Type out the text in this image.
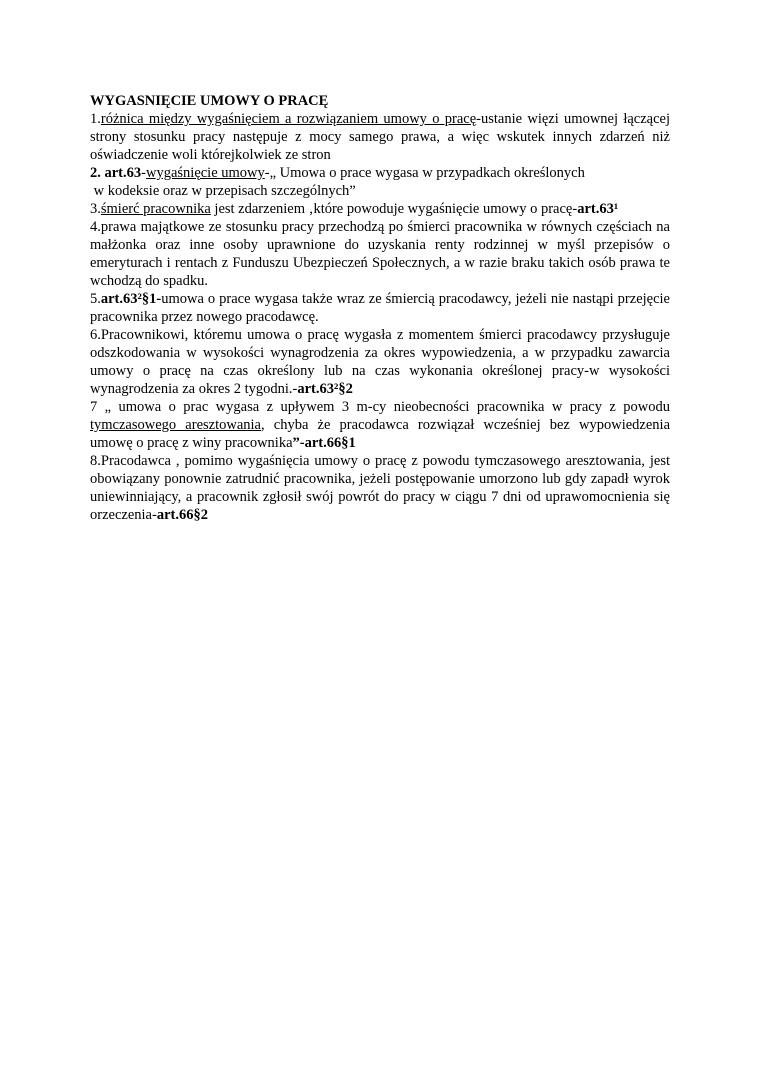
WYGASNIĘCIE UMOWY O PRACĘ

1.różnica między wygaśnięciem a rozwiązaniem umowy o pracę-ustanie więzi umownej łączącej strony stosunku pracy następuje z mocy samego prawa, a więc wskutek innych zdarzeń niż oświadczenie woli którejkolwiek ze stron

2. art.63-wygaśnięcie umowy-„ Umowa o prace wygasa w przypadkach określonych
w kodeksie oraz w przepisach szczególnych”

3.śmierć pracownika jest zdarzeniem ‚które powoduje wygaśnięcie umowy o pracę-art.63¹

4.prawa majątkowe ze stosunku pracy przechodzą po śmierci pracownika w równych częściach na małżonka oraz inne osoby uprawnione do uzyskania renty rodzinnej w myśl przepisów o emeryturach i rentach z Funduszu Ubezpieczeń Społecznych, a w razie braku takich osób prawa te wchodzą do spadku.

5.art.63²§1-umowa o prace wygasa także wraz ze śmiercią pracodawcy, jeżeli nie nastąpi przejęcie pracownika przez nowego pracodawcę.

6.Pracownikowi, któremu umowa o pracę wygasła z momentem śmierci pracodawcy przysługuje odszkodowania w wysokości wynagrodzenia za okres wypowiedzenia, a w przypadku zawarcia umowy o pracę na czas określony lub na czas wykonania określonej pracy-w wysokości wynagrodzenia za okres 2 tygodni.-art.63²§2

7 „ umowa o prac wygasa z upływem 3 m-cy nieobecności pracownika w pracy z powodu tymczasowego aresztowania, chyba że pracodawca rozwiązał wcześniej bez wypowiedzenia umowę o pracę z winy pracownika”-art.66§1

8.Pracodawca , pomimo wygaśnięcia umowy o pracę z powodu tymczasowego aresztowania, jest obowiązany ponownie zatrudnić pracownika, jeżeli postępowanie umorzono lub gdy zapadł wyrok uniewinniający, a pracownik zgłosił swój powrót do pracy w ciągu 7 dni od uprawomocnienia się orzeczenia-art.66§2
